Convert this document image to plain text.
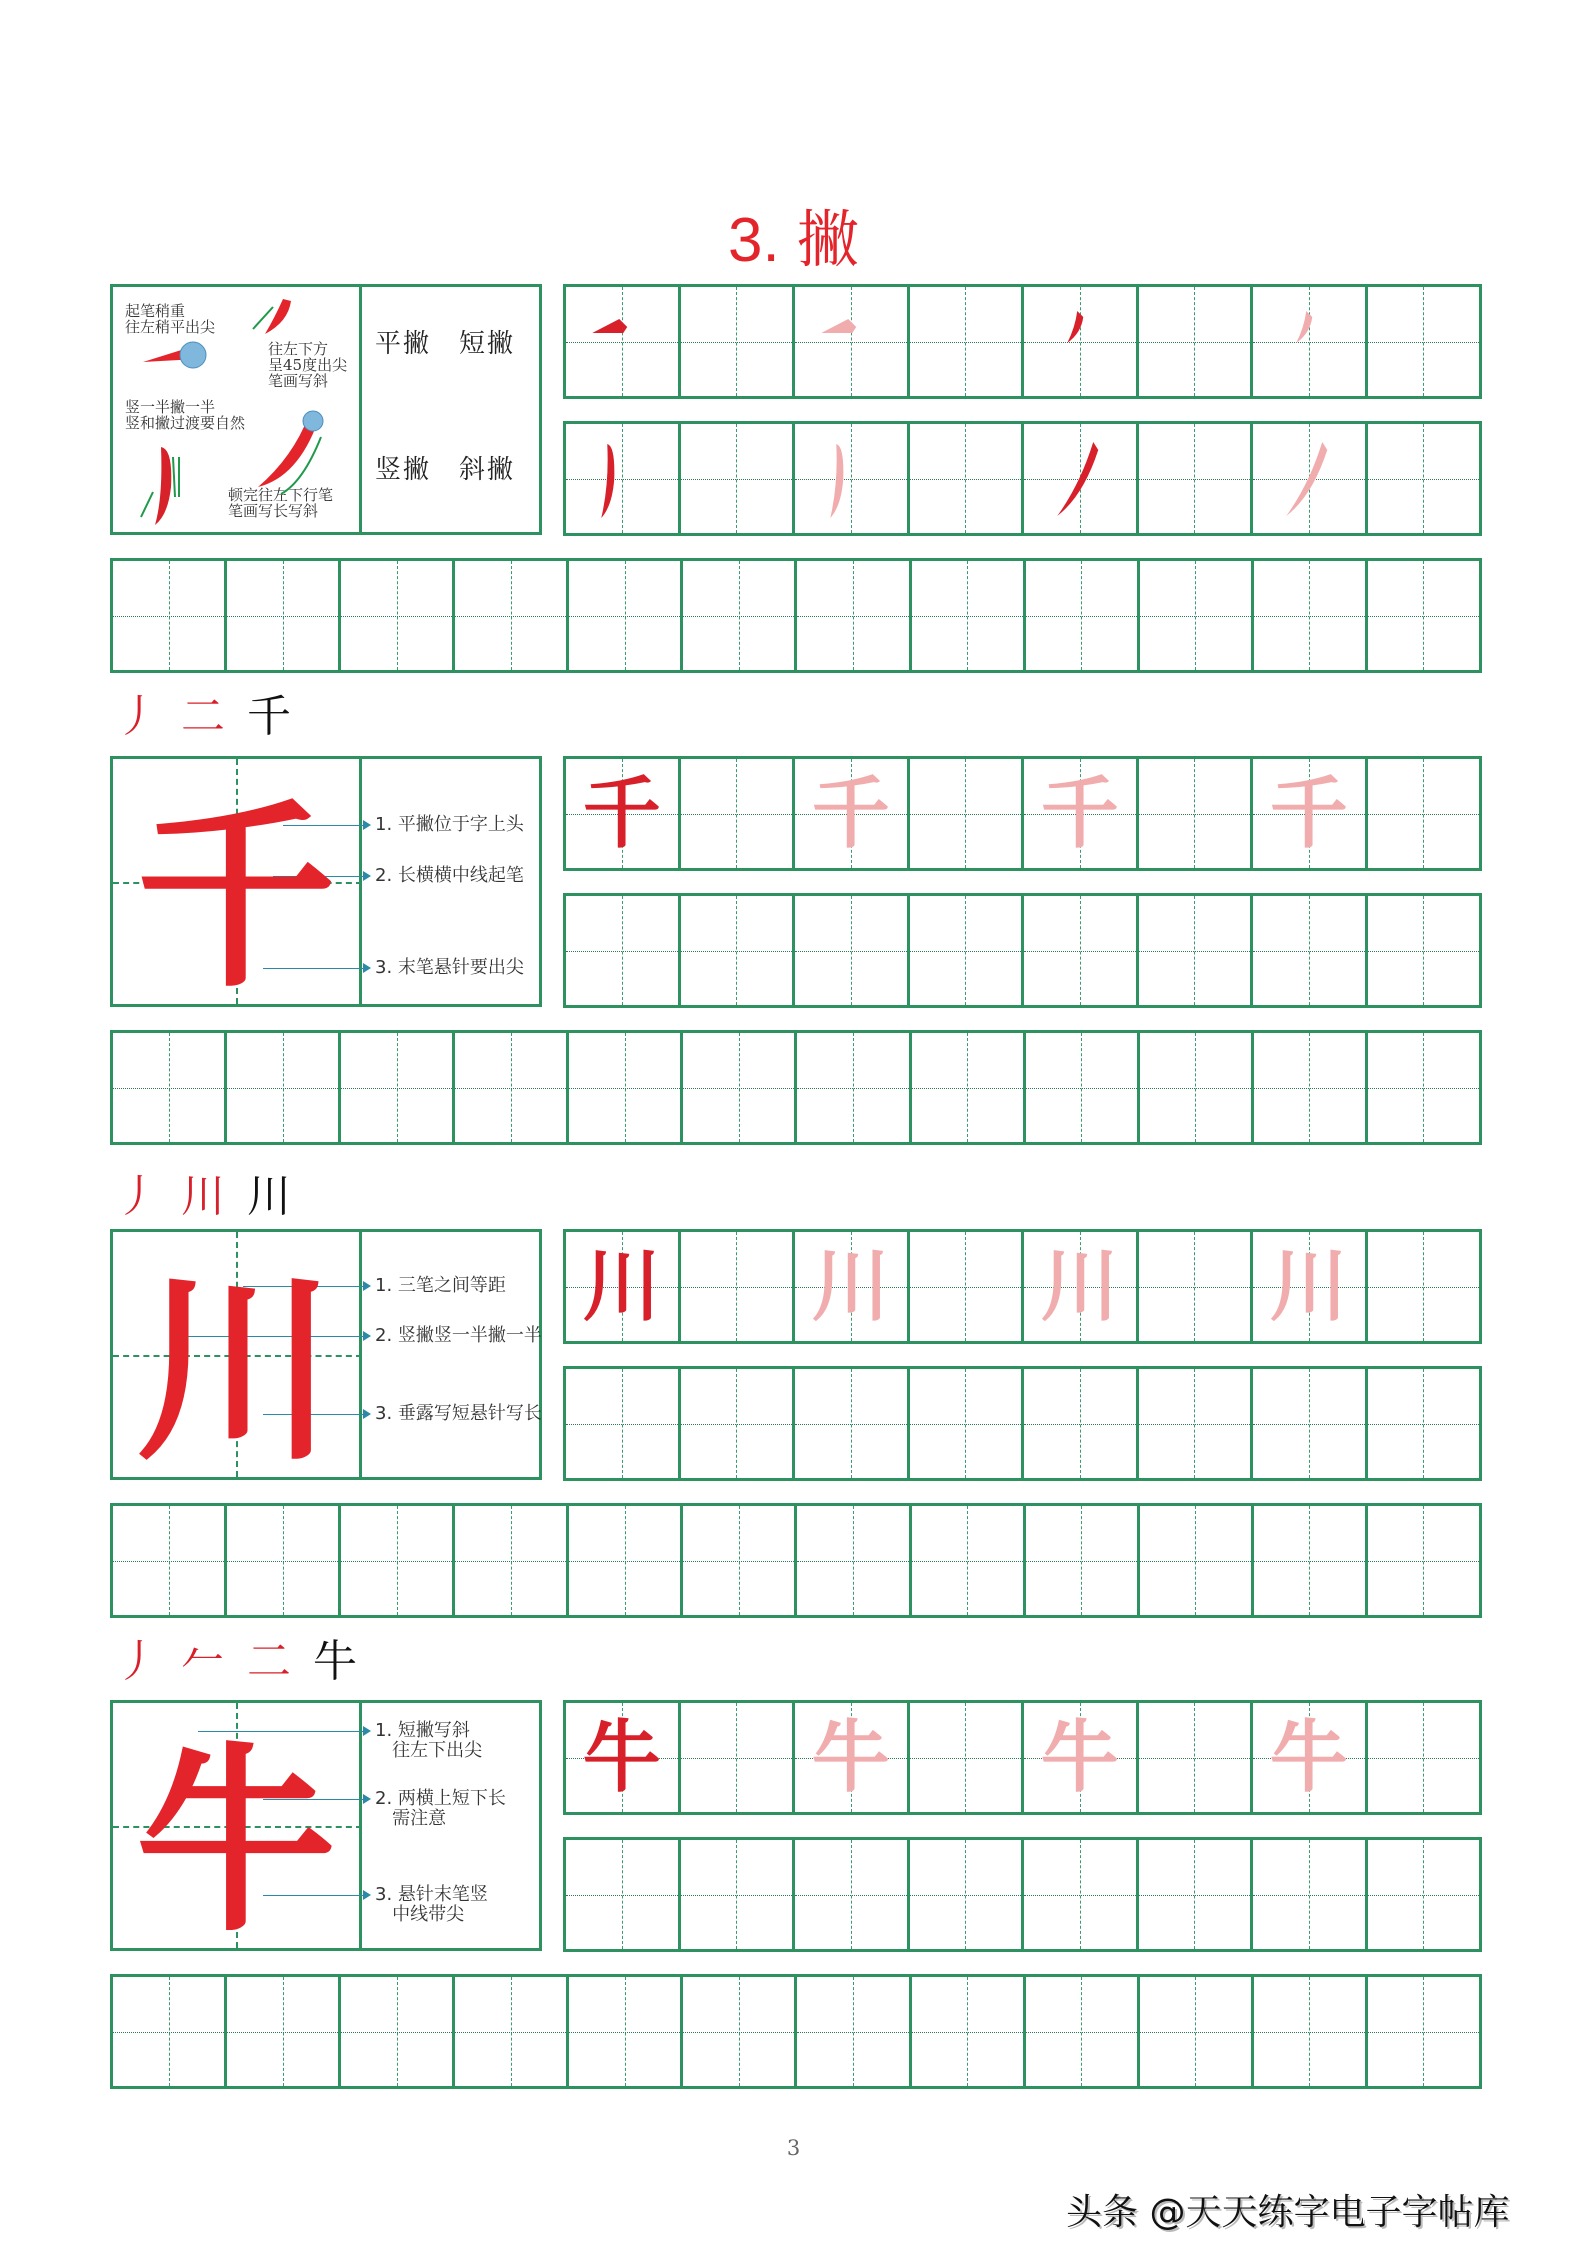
3. 撇
起笔稍重
往左稍平出尖
往左下方
呈45度出尖
笔画写斜
竖一半撇一半
竖和撇过渡要自然
顿完往左下行笔
笔画写长写斜
平撇　短撇
竖撇　斜撇
丿 二 千
千	1. 平撇位于字上头
2. 长横横中线起笔
3. 末笔悬针要出尖
千 千 千 千
丿 川 川
川	1. 三笔之间等距
2. 竖撇竖一半撇一半
3. 垂露写短悬针写长
川 川 川 川
丿 𠂉 二 牛
牛	1. 短撇写斜
往左下出尖
2. 两横上短下长
需注意
3. 悬针末笔竖
中线带尖
牛 牛 牛 牛
3
头条 @天天练字电子字帖库
